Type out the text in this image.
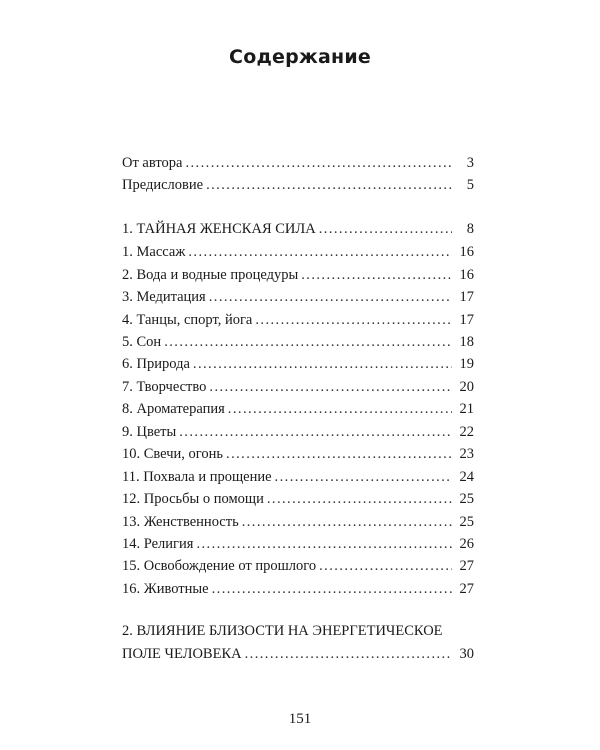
Содержание
От автора . . .	3
Предисловие . . .	5
1. ТАЙНАЯ ЖЕНСКАЯ СИЛА . . .	8
1. Массаж . . .	16
2. Вода и водные процедуры . . .	16
3. Медитация . . .	17
4. Танцы, спорт, йога . . .	17
5. Сон . . .	18
6. Природа . . .	19
7. Творчество . . .	20
8. Ароматерапия . . .	21
9. Цветы . . .	22
10. Свечи, огонь . . .	23
11. Похвала и прощение . . .	24
12. Просьбы о помощи . . .	25
13. Женственность . . .	25
14. Религия . . .	26
15. Освобождение от прошлого . . .	27
16. Животные . . .	27
2. ВЛИЯНИЕ БЛИЗОСТИ НА ЭНЕРГЕТИЧЕСКОЕ
ПОЛЕ ЧЕЛОВЕКА . . .	30
151
